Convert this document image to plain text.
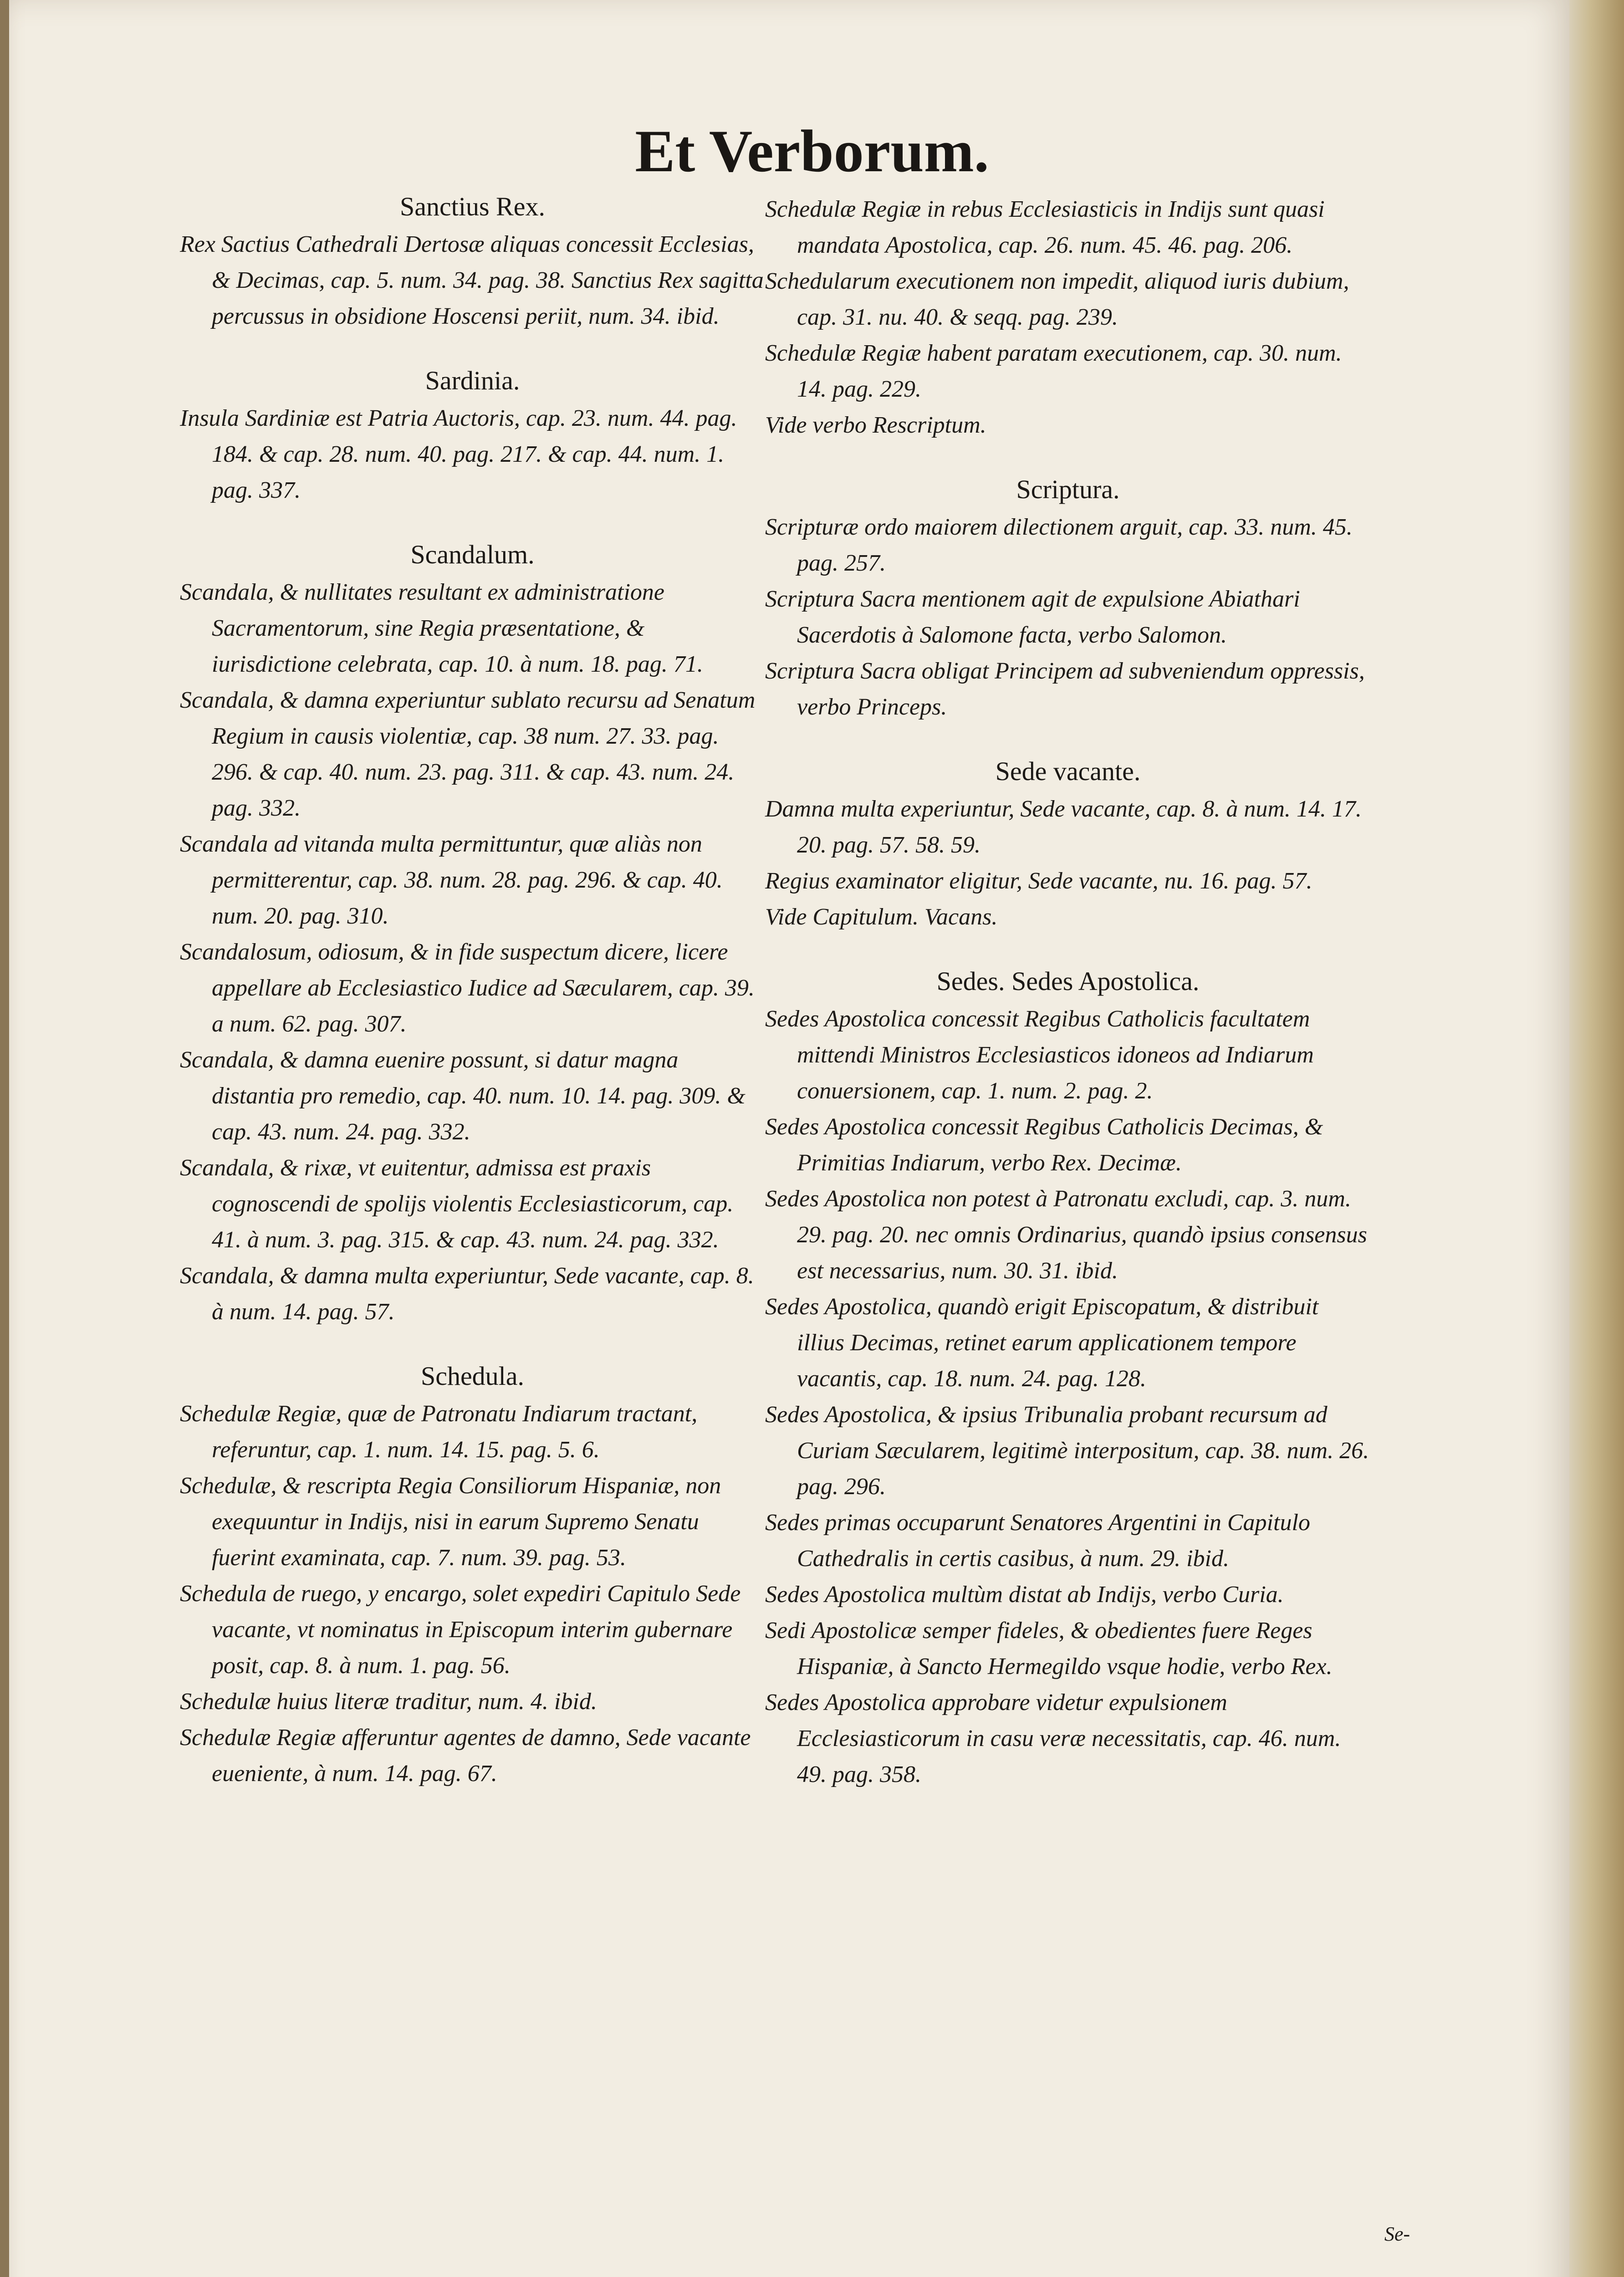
Et Verborum.
Sanctius Rex.

Rex Sactius Cathedrali Dertosæ aliquas concessit Ecclesias, & Decimas, cap. 5. num. 34. pag. 38. Sanctius Rex sagitta percussus in obsidione Hoscensi periit, num. 34. ibid.

Sardinia.

Insula Sardiniæ est Patria Auctoris, cap. 23. num. 44. pag. 184. & cap. 28. num. 40. pag. 217. & cap. 44. num. 1. pag. 337.

Scandalum.

Scandala, & nullitates resultant ex administratione Sacramentorum, sine Regia præsentatione, & iurisdictione celebrata, cap. 10. à num. 18. pag. 71.

Scandala, & damna experiuntur sublato recursu ad Senatum Regium in causis violentiæ, cap. 38 num. 27. 33. pag. 296. & cap. 40. num. 23. pag. 311. & cap. 43. num. 24. pag. 332.

Scandala ad vitanda multa permittuntur, quæ aliàs non permitterentur, cap. 38. num. 28. pag. 296. & cap. 40. num. 20. pag. 310.

Scandalosum, odiosum, & in fide suspectum dicere, licere appellare ab Ecclesiastico Iudice ad Sæcularem, cap. 39. a num. 62. pag. 307.

Scandala, & damna euenire possunt, si datur magna distantia pro remedio, cap. 40. num. 10. 14. pag. 309. & cap. 43. num. 24. pag. 332.

Scandala, & rixæ, vt euitentur, admissa est praxis cognoscendi de spolijs violentis Ecclesiasticorum, cap. 41. à num. 3. pag. 315. & cap. 43. num. 24. pag. 332.

Scandala, & damna multa experiuntur, Sede vacante, cap. 8. à num. 14. pag. 57.

Schedula.

Schedulæ Regiæ, quæ de Patronatu Indiarum tractant, referuntur, cap. 1. num. 14. 15. pag. 5. 6.

Schedulæ, & rescripta Regia Consiliorum Hispaniæ, non exequuntur in Indijs, nisi in earum Supremo Senatu fuerint examinata, cap. 7. num. 39. pag. 53.

Schedula de ruego, y encargo, solet expediri Capitulo Sede vacante, vt nominatus in Episcopum interim gubernare posit, cap. 8. à num. 1. pag. 56.

Schedulæ huius literæ traditur, num. 4. ibid.

Schedulæ Regiæ afferuntur agentes de damno, Sede vacante eueniente, à num. 14. pag. 67.

Schedulæ Regiæ in rebus Ecclesiasticis in Indijs sunt quasi mandata Apostolica, cap. 26. num. 45. 46. pag. 206.

Schedularum executionem non impedit, aliquod iuris dubium, cap. 31. nu. 40. & seqq. pag. 239.

Schedulæ Regiæ habent paratam executionem, cap. 30. num. 14. pag. 229.

Vide verbo Rescriptum.

Scriptura.

Scripturæ ordo maiorem dilectionem arguit, cap. 33. num. 45. pag. 257.

Scriptura Sacra mentionem agit de expulsione Abiathari Sacerdotis à Salomone facta, verbo Salomon.

Scriptura Sacra obligat Principem ad subveniendum oppressis, verbo Princeps.

Sede vacante.

Damna multa experiuntur, Sede vacante, cap. 8. à num. 14. 17. 20. pag. 57. 58. 59.

Regius examinator eligitur, Sede vacante, nu. 16. pag. 57.

Vide Capitulum. Vacans.

Sedes. Sedes Apostolica.

Sedes Apostolica concessit Regibus Catholicis facultatem mittendi Ministros Ecclesiasticos idoneos ad Indiarum conuersionem, cap. 1. num. 2. pag. 2.

Sedes Apostolica concessit Regibus Catholicis Decimas, & Primitias Indiarum, verbo Rex. Decimæ.

Sedes Apostolica non potest à Patronatu excludi, cap. 3. num. 29. pag. 20. nec omnis Ordinarius, quandò ipsius consensus est necessarius, num. 30. 31. ibid.

Sedes Apostolica, quandò erigit Episcopatum, & distribuit illius Decimas, retinet earum applicationem tempore vacantis, cap. 18. num. 24. pag. 128.

Sedes Apostolica, & ipsius Tribunalia probant recursum ad Curiam Sæcularem, legitimè interpositum, cap. 38. num. 26. pag. 296.

Sedes primas occuparunt Senatores Argentini in Capitulo Cathedralis in certis casibus, à num. 29. ibid.

Sedes Apostolica multùm distat ab Indijs, verbo Curia.

Sedi Apostolicæ semper fideles, & obedientes fuere Reges Hispaniæ, à Sancto Hermegildo vsque hodie, verbo Rex.

Sedes Apostolica approbare videtur expulsionem Ecclesiasticorum in casu veræ necessitatis, cap. 46. num. 49. pag. 358.

Se-
